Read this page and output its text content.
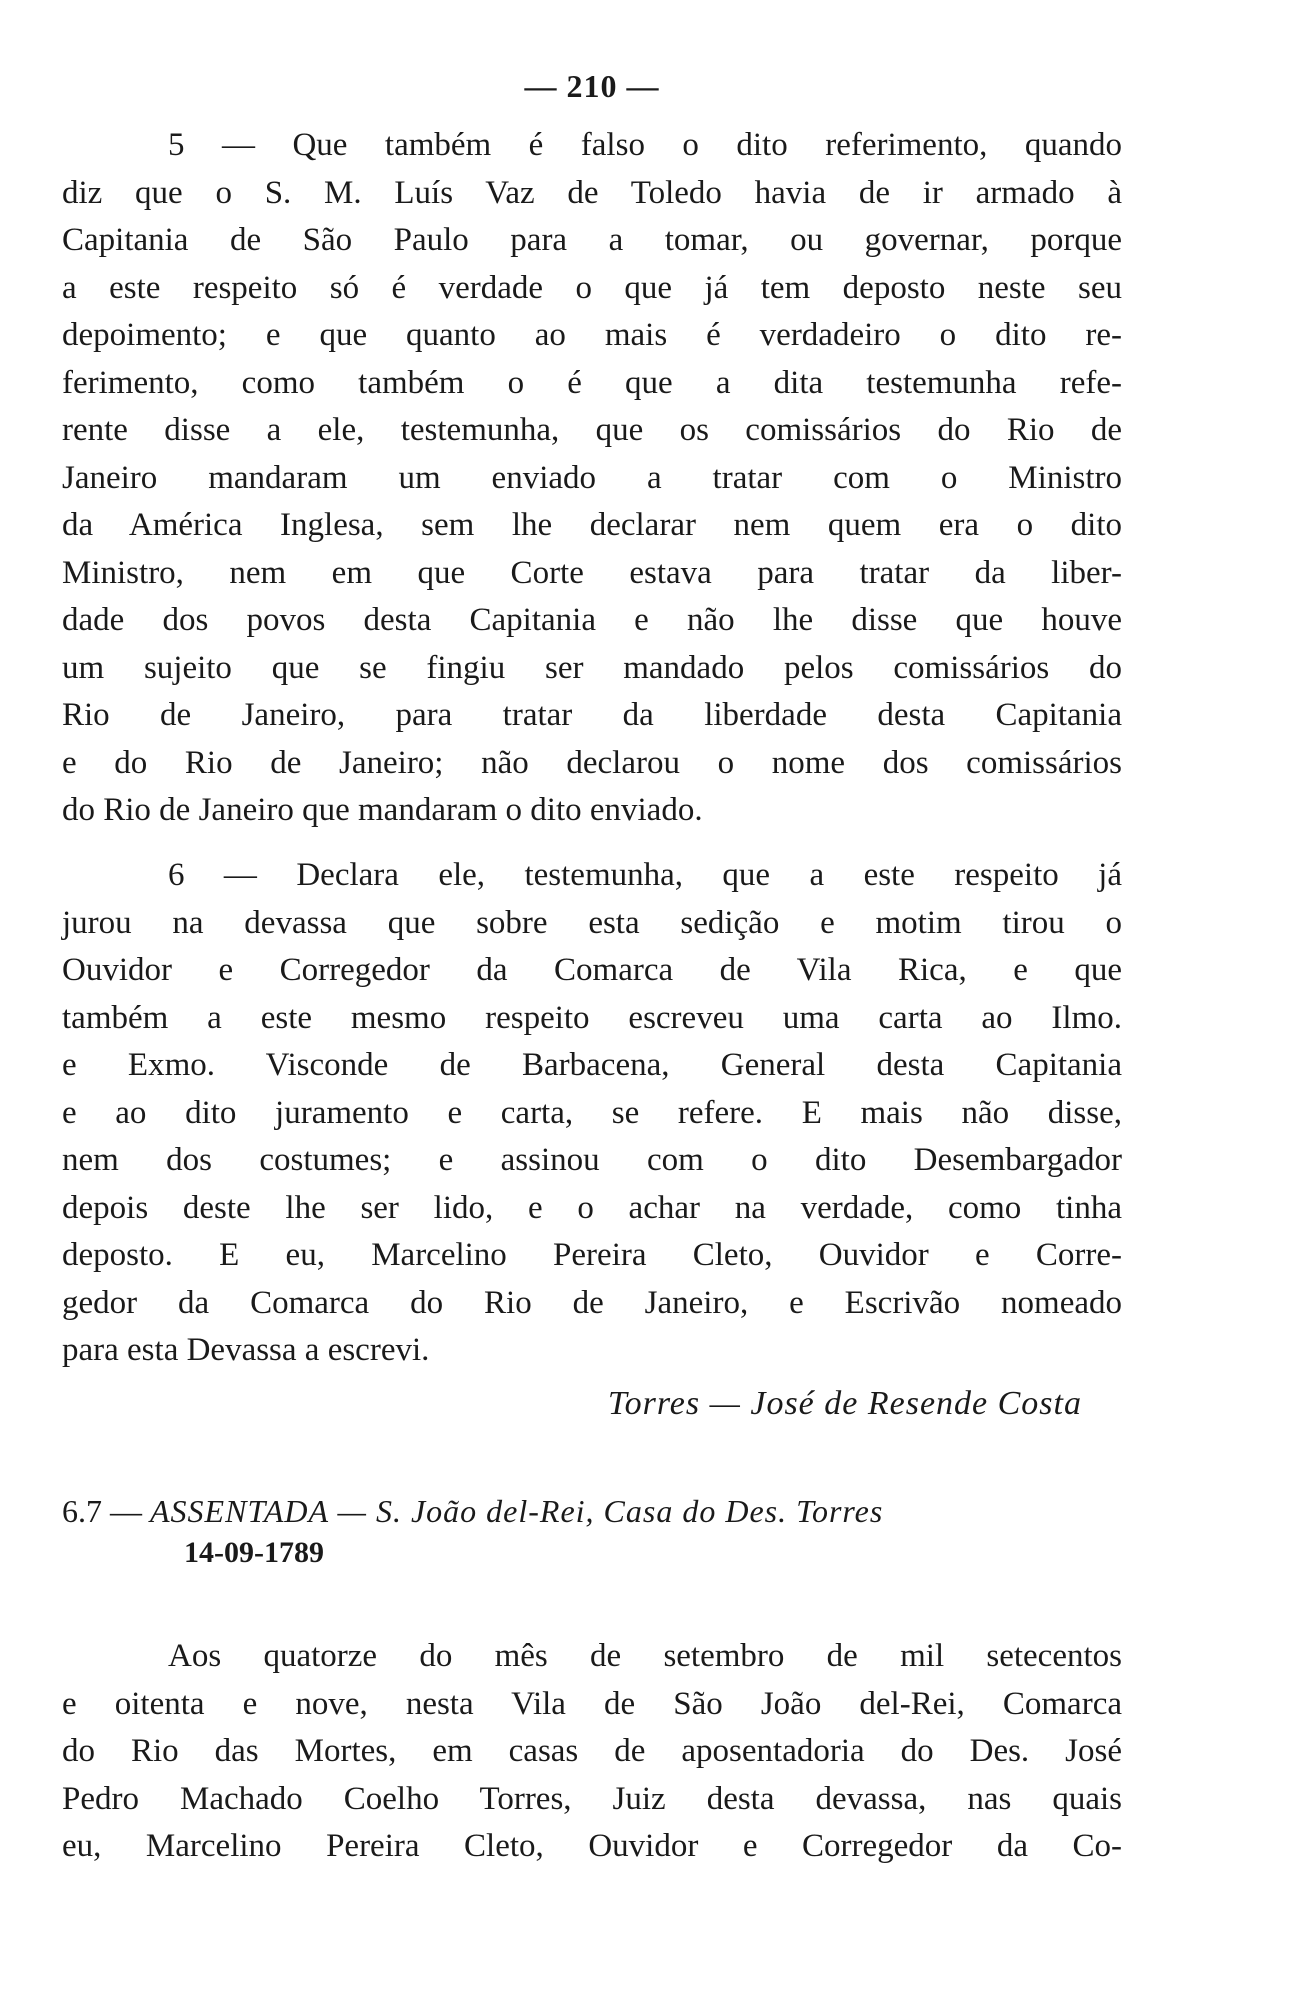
— 210 —

5 — Que também é falso o dito referimento, quando
diz que o S. M. Luís Vaz de Toledo havia de ir armado à
Capitania de São Paulo para a tomar, ou governar, porque
a este respeito só é verdade o que já tem deposto neste seu
depoimento; e que quanto ao mais é verdadeiro o dito re-
ferimento, como também o é que a dita testemunha refe-
rente disse a ele, testemunha, que os comissários do Rio de
Janeiro mandaram um enviado a tratar com o Ministro
da América Inglesa, sem lhe declarar nem quem era o dito
Ministro, nem em que Corte estava para tratar da liber-
dade dos povos desta Capitania e não lhe disse que houve
um sujeito que se fingiu ser mandado pelos comissários do
Rio de Janeiro, para tratar da liberdade desta Capitania
e do Rio de Janeiro; não declarou o nome dos comissários
do Rio de Janeiro que mandaram o dito enviado.

6 — Declara ele, testemunha, que a este respeito já
jurou na devassa que sobre esta sedição e motim tirou o
Ouvidor e Corregedor da Comarca de Vila Rica, e que
também a este mesmo respeito escreveu uma carta ao Ilmo.
e Exmo. Visconde de Barbacena, General desta Capitania
e ao dito juramento e carta, se refere. E mais não disse,
nem dos costumes; e assinou com o dito Desembargador
depois deste lhe ser lido, e o achar na verdade, como tinha
deposto. E eu, Marcelino Pereira Cleto, Ouvidor e Corre-
gedor da Comarca do Rio de Janeiro, e Escrivão nomeado
para esta Devassa a escrevi.

Torres — José de Resende Costa
6.7 — ASSENTADA — S. João del-Rei, Casa do Des. Torres
14-09-1789

Aos quatorze do mês de setembro de mil setecentos
e oitenta e nove, nesta Vila de São João del-Rei, Comarca
do Rio das Mortes, em casas de aposentadoria do Des. José
Pedro Machado Coelho Torres, Juiz desta devassa, nas quais
eu, Marcelino Pereira Cleto, Ouvidor e Corregedor da Co-
